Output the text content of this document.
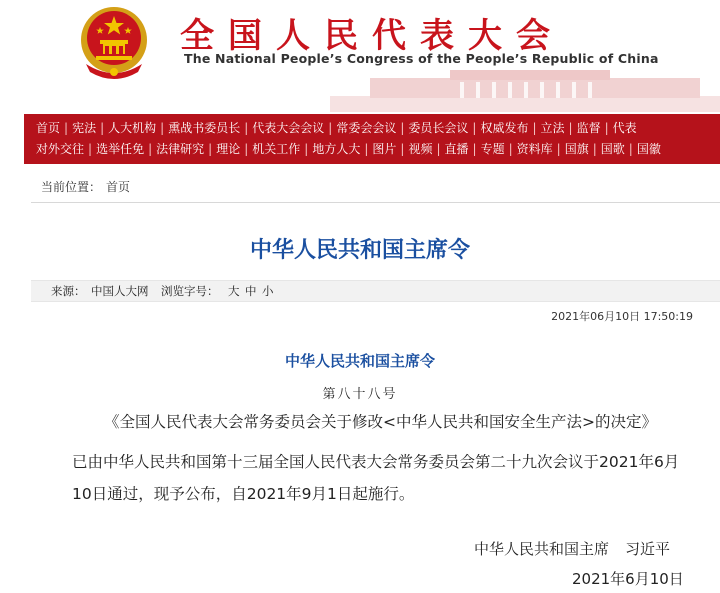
全国人民代表大会
The National People’s Congress of the People’s Republic of China
首页 | 宪法 | 人大机构 | 熏战书委员长 | 代表大会会议 | 常委会会议 | 委员长会议 | 权威发布 | 立法 | 监督 | 代表
对外交往 | 选举任免 | 法律研究 | 理论 | 机关工作 | 地方人大 | 图片 | 视频 | 直播 | 专题 | 资料库 | 国旗 | 国歌 | 国徽
当前位置： 首页
中华人民共和国主席令
来源： 中国人大网 浏览字号： 大 中 小
2021年06月10日 17:50:19
中华人民共和国主席令
第八十八号
《全国人民代表大会常务委员会关于修改<中华人民共和国安全生产法>的决定》
已由中华人民共和国第十三届全国人民代表大会常务委员会第二十九次会议于2021年6月10日通过，现予公布，自2021年9月1日起施行。
中华人民共和国主席 习近平
2021年6月10日
